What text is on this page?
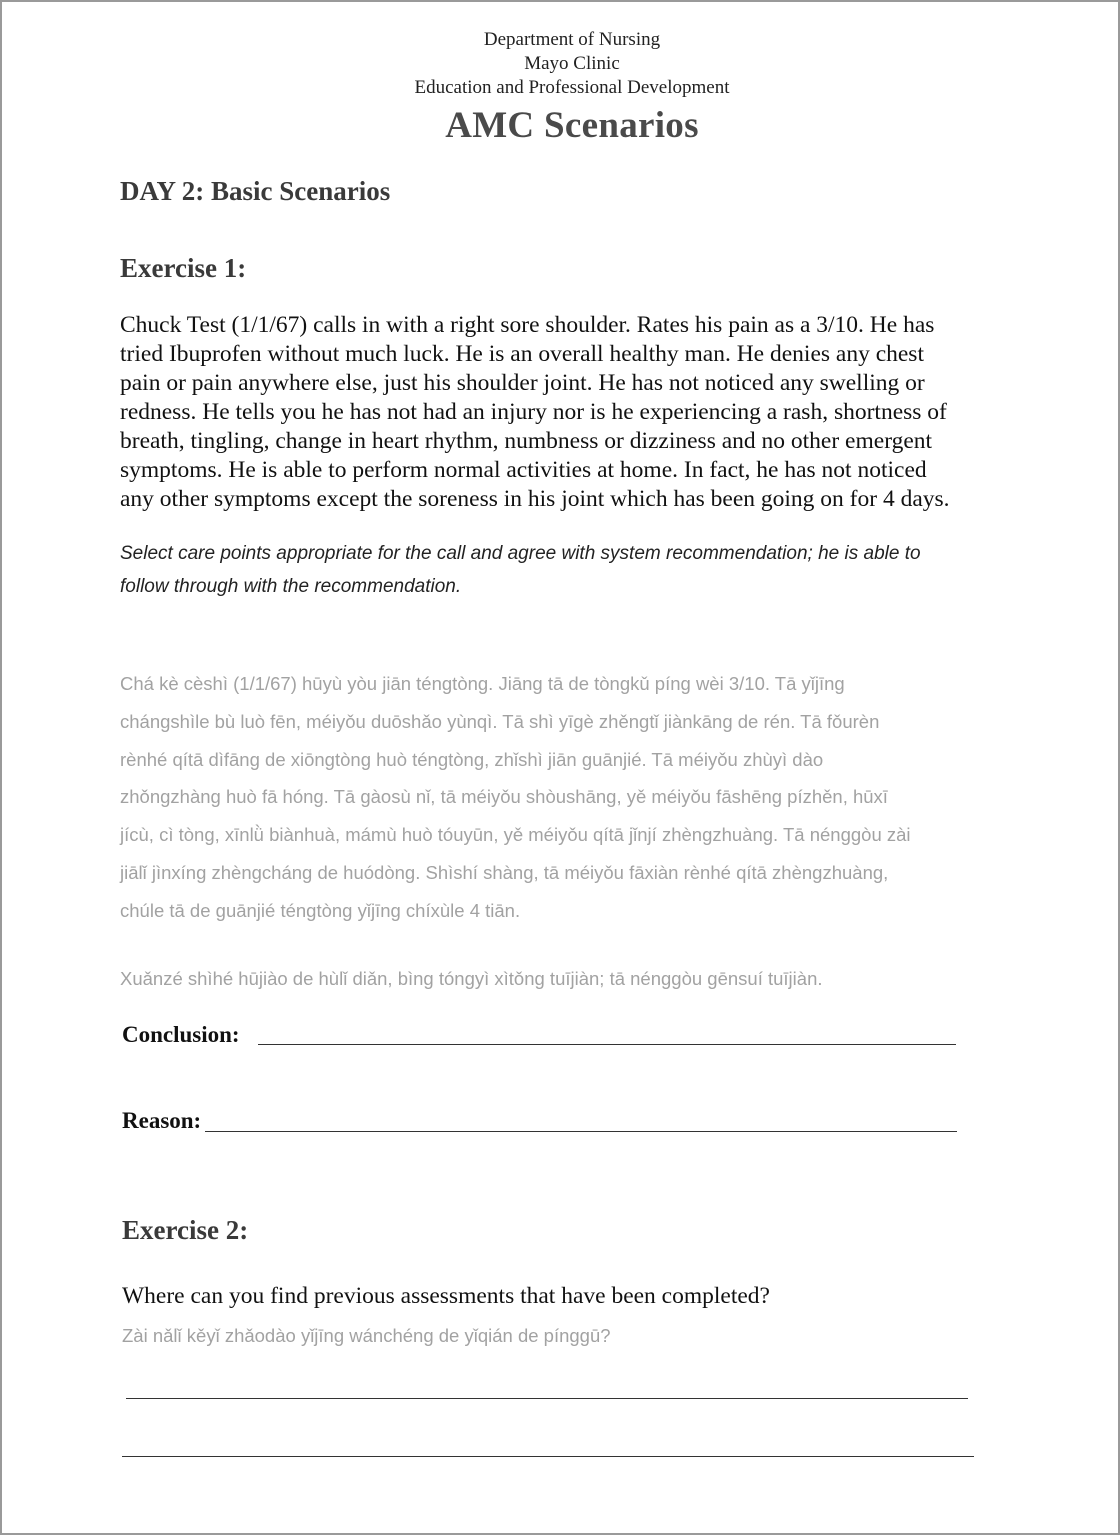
Department of Nursing
Mayo Clinic
Education and Professional Development
AMC Scenarios
DAY 2: Basic Scenarios
Exercise 1:
Chuck Test (1/1/67) calls in with a right sore shoulder. Rates his pain as a 3/10. He has
tried Ibuprofen without much luck. He is an overall healthy man. He denies any chest
pain or pain anywhere else, just his shoulder joint. He has not noticed any swelling or
redness. He tells you he has not had an injury nor is he experiencing a rash, shortness of
breath, tingling, change in heart rhythm, numbness or dizziness and no other emergent
symptoms. He is able to perform normal activities at home. In fact, he has not noticed
any other symptoms except the soreness in his joint which has been going on for 4 days.
Select care points appropriate for the call and agree with system recommendation; he is able to
follow through with the recommendation.
Chá kè cèshì (1/1/67) hūyù yòu jiān téngtòng. Jiāng tā de tòngkǔ píng wèi 3/10. Tā yǐjīng
chángshìle bù luò fēn, méiyǒu duōshǎo yùnqì. Tā shì yīgè zhěngtǐ jiànkāng de rén. Tā fǒurèn
rènhé qítā dìfāng de xiōngtòng huò téngtòng, zhǐshì jiān guānjié. Tā méiyǒu zhùyì dào
zhǒngzhàng huò fā hóng. Tā gàosù nǐ, tā méiyǒu shòushāng, yě méiyǒu fāshēng pízhěn, hūxī
jícù, cì tòng, xīnlǜ biànhuà, mámù huò tóuyūn, yě méiyǒu qítā jǐnjí zhèngzhuàng. Tā nénggòu zài
jiālǐ jìnxíng zhèngcháng de huódòng. Shìshí shàng, tā méiyǒu fāxiàn rènhé qítā zhèngzhuàng,
chúle tā de guānjié téngtòng yǐjīng chíxùle 4 tiān.
Xuǎnzé shìhé hūjiào de hùlǐ diǎn, bìng tóngyì xìtǒng tuījiàn; tā nénggòu gēnsuí tuījiàn.
Conclusion:
Reason:
Exercise 2:
Where can you find previous assessments that have been completed?
Zài nǎlǐ kěyǐ zhǎodào yǐjīng wánchéng de yǐqián de pínggū?
